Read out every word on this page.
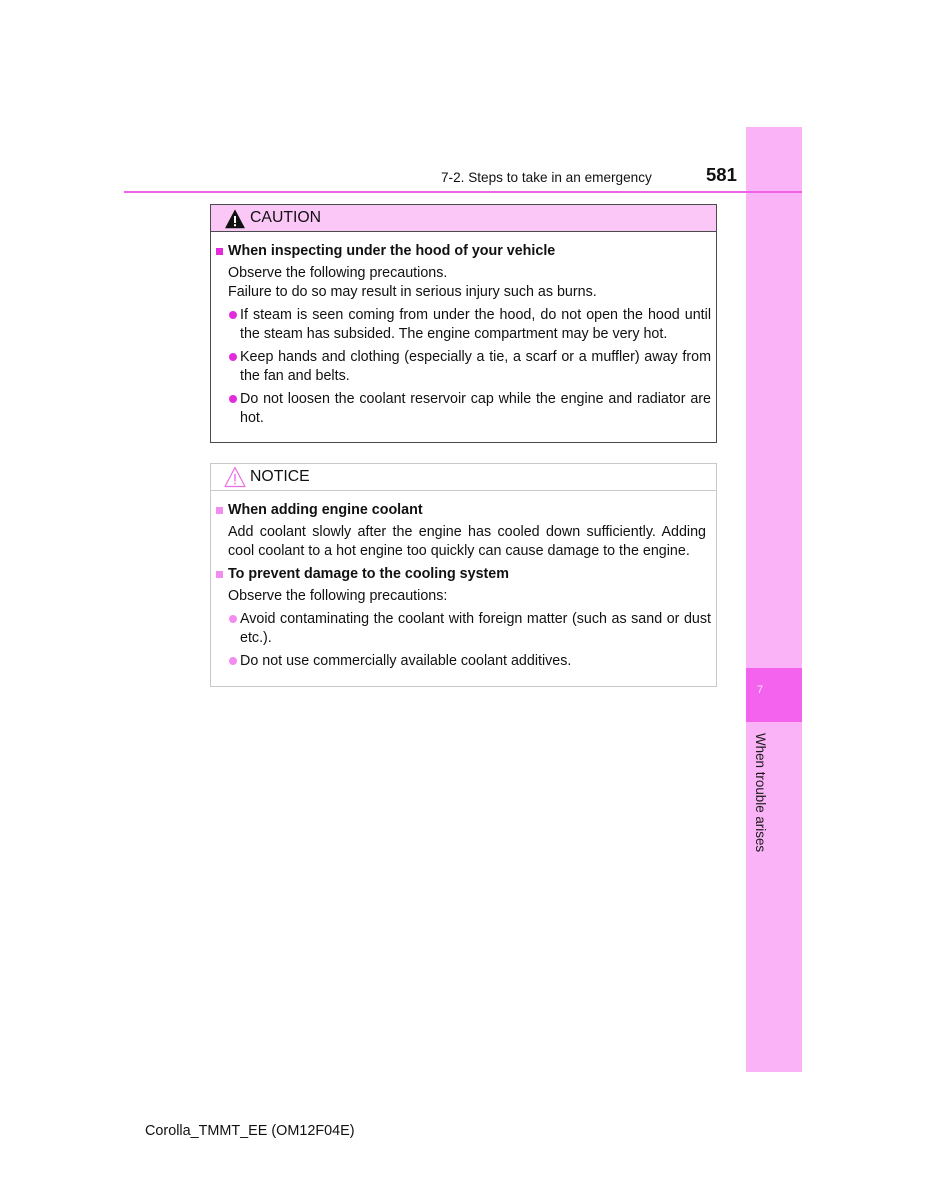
7
When trouble arises
7-2. Steps to take in an emergency	581
CAUTION
When inspecting under the hood of your vehicle
Observe the following precautions.
Failure to do so may result in serious injury such as burns.
If steam is seen coming from under the hood, do not open the hood until the steam has subsided. The engine compartment may be very hot.
Keep hands and clothing (especially a tie, a scarf or a muffler) away from the fan and belts.
Do not loosen the coolant reservoir cap while the engine and radiator are hot.
NOTICE
When adding engine coolant
Add coolant slowly after the engine has cooled down sufficiently. Adding cool coolant to a hot engine too quickly can cause damage to the engine.
To prevent damage to the cooling system
Observe the following precautions:
Avoid contaminating the coolant with foreign matter (such as sand or dust etc.).
Do not use commercially available coolant additives.
Corolla_TMMT_EE (OM12F04E)
